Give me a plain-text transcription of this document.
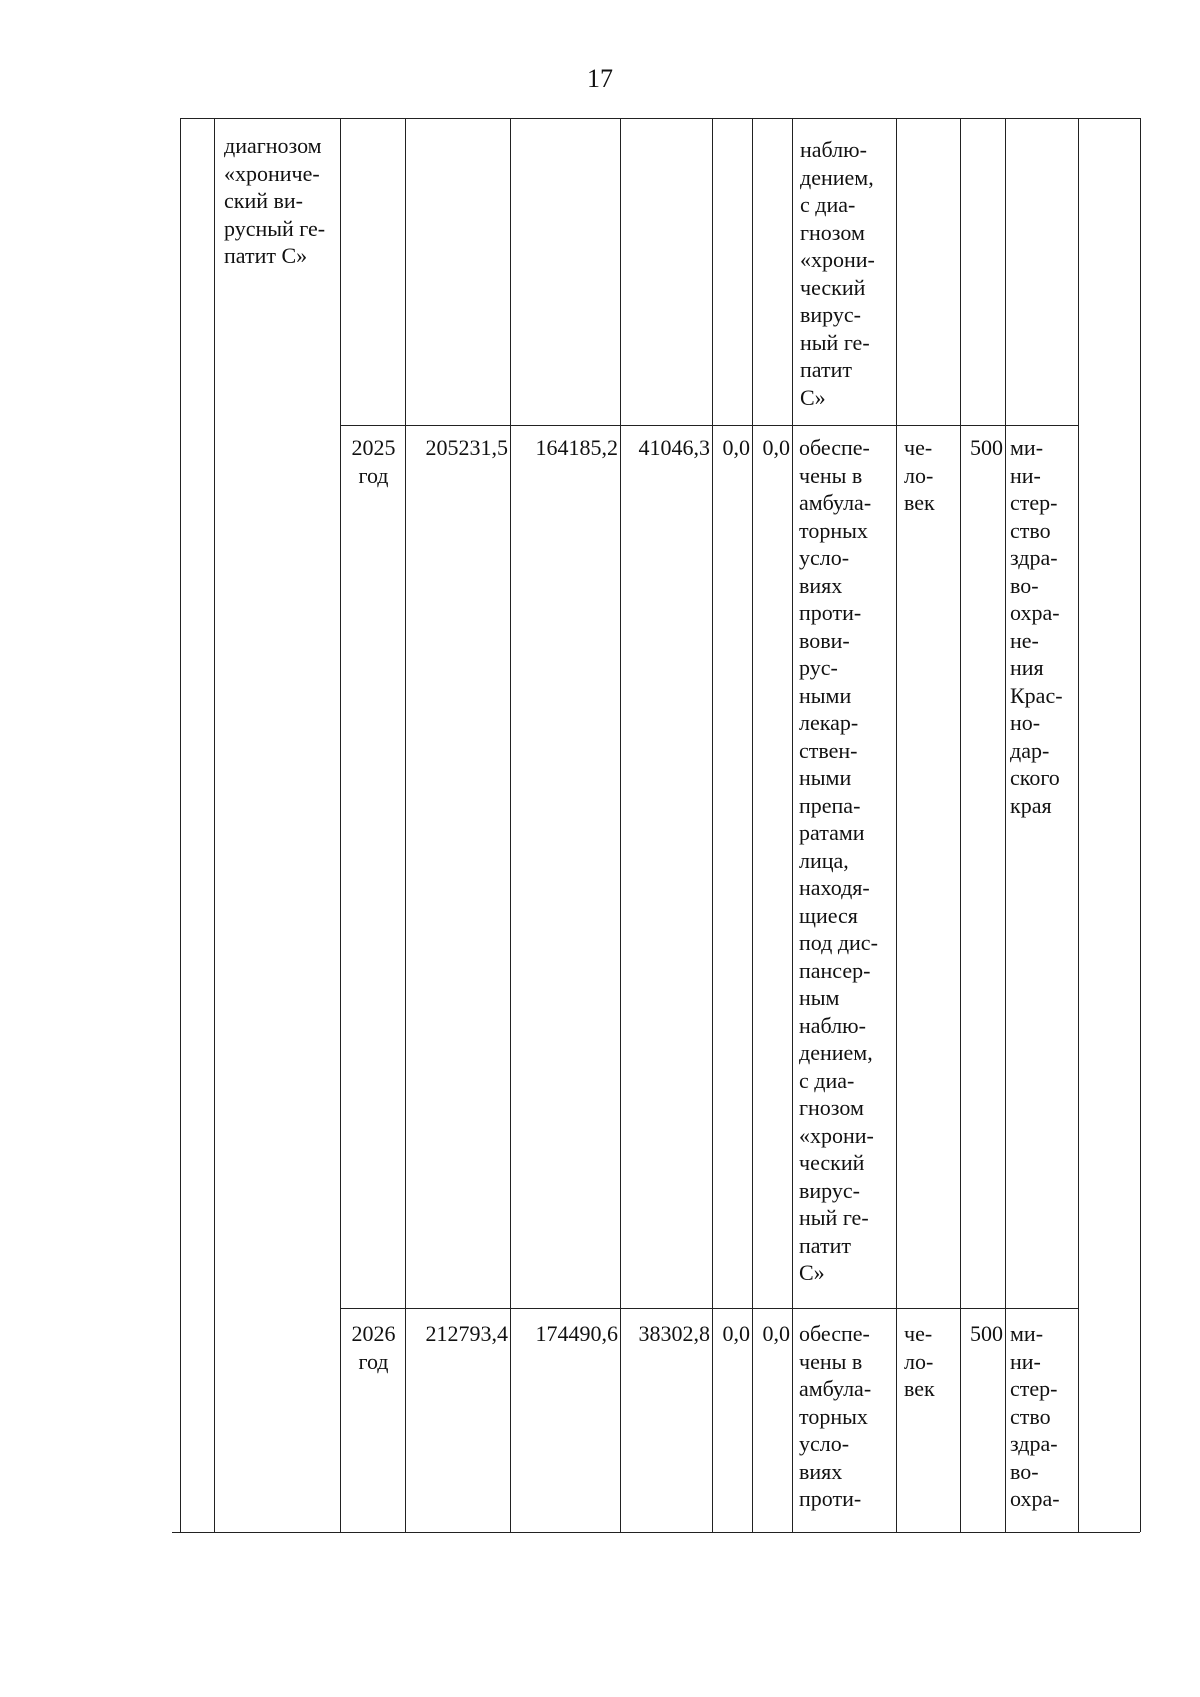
17
диагнозом
«хрониче-
ский ви-
русный ге-
патит С»
наблю-
дением,
с диа-
гнозом
«хрони-
ческий
вирус-
ный ге-
патит
С»
2025
год
205231,5	164185,2 41046,3 0,0 0,0 обеспе-
чены в
амбула-
торных
усло-
виях
проти-
вови-
рус-
ными
лекар-
ствен-
ными
препа-
ратами
лица,
находя-
щиеся
под дис-
пансер-
ным
наблю-
дением,
с диа-
гнозом
«хрони-
ческий
вирус-
ный ге-
патит
С»
че-
ло-
век
500 ми-
ни-
стер-
ство
здра-
во-
охра-
не-
ния
Крас-
но-
дар-
ского
края
2026
год
212793,4	174490,6 38302,8 0,0 0,0 обеспе-
чены в
амбула-
торных
усло-
виях
проти-
че-
ло-
век
500 ми-
ни-
стер-
ство
здра-
во-
охра-
